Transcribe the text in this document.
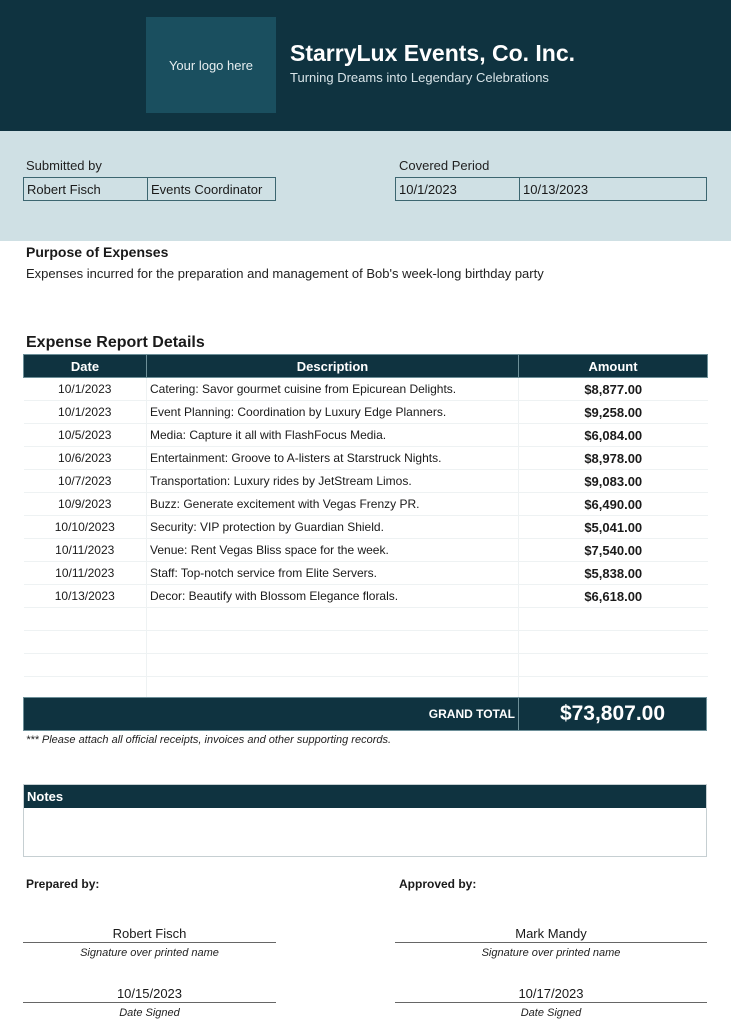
Your logo here StarryLux Events, Co. Inc.
Turning Dreams into Legendary Celebrations
Submitted by
Robert Fisch	Events Coordinator
Covered Period
10/1/2023	10/13/2023
Purpose of Expenses
Expenses incurred for the preparation and management of Bob's week-long birthday party
Expense Report Details
Date	Description	Amount
10/1/2023	Catering: Savor gourmet cuisine from Epicurean Delights.	$8,877.00
10/1/2023	Event Planning: Coordination by Luxury Edge Planners.	$9,258.00
10/5/2023	Media: Capture it all with FlashFocus Media.	$6,084.00
10/6/2023	Entertainment: Groove to A-listers at Starstruck Nights.	$8,978.00
10/7/2023	Transportation: Luxury rides by JetStream Limos.	$9,083.00
10/9/2023	Buzz: Generate excitement with Vegas Frenzy PR.	$6,490.00
10/10/2023	Security: VIP protection by Guardian Shield.	$5,041.00
10/11/2023	Venue: Rent Vegas Bliss space for the week.	$7,540.00
10/11/2023	Staff: Top-notch service from Elite Servers.	$5,838.00
10/13/2023	Decor: Beautify with Blossom Elegance florals.	$6,618.00

GRAND TOTAL	$73,807.00
*** Please attach all official receipts, invoices and other supporting records.
Notes
Prepared by:
Robert Fisch
Signature over printed name
10/15/2023
Date Signed
Approved by:
Mark Mandy
Signature over printed name
10/17/2023
Date Signed
